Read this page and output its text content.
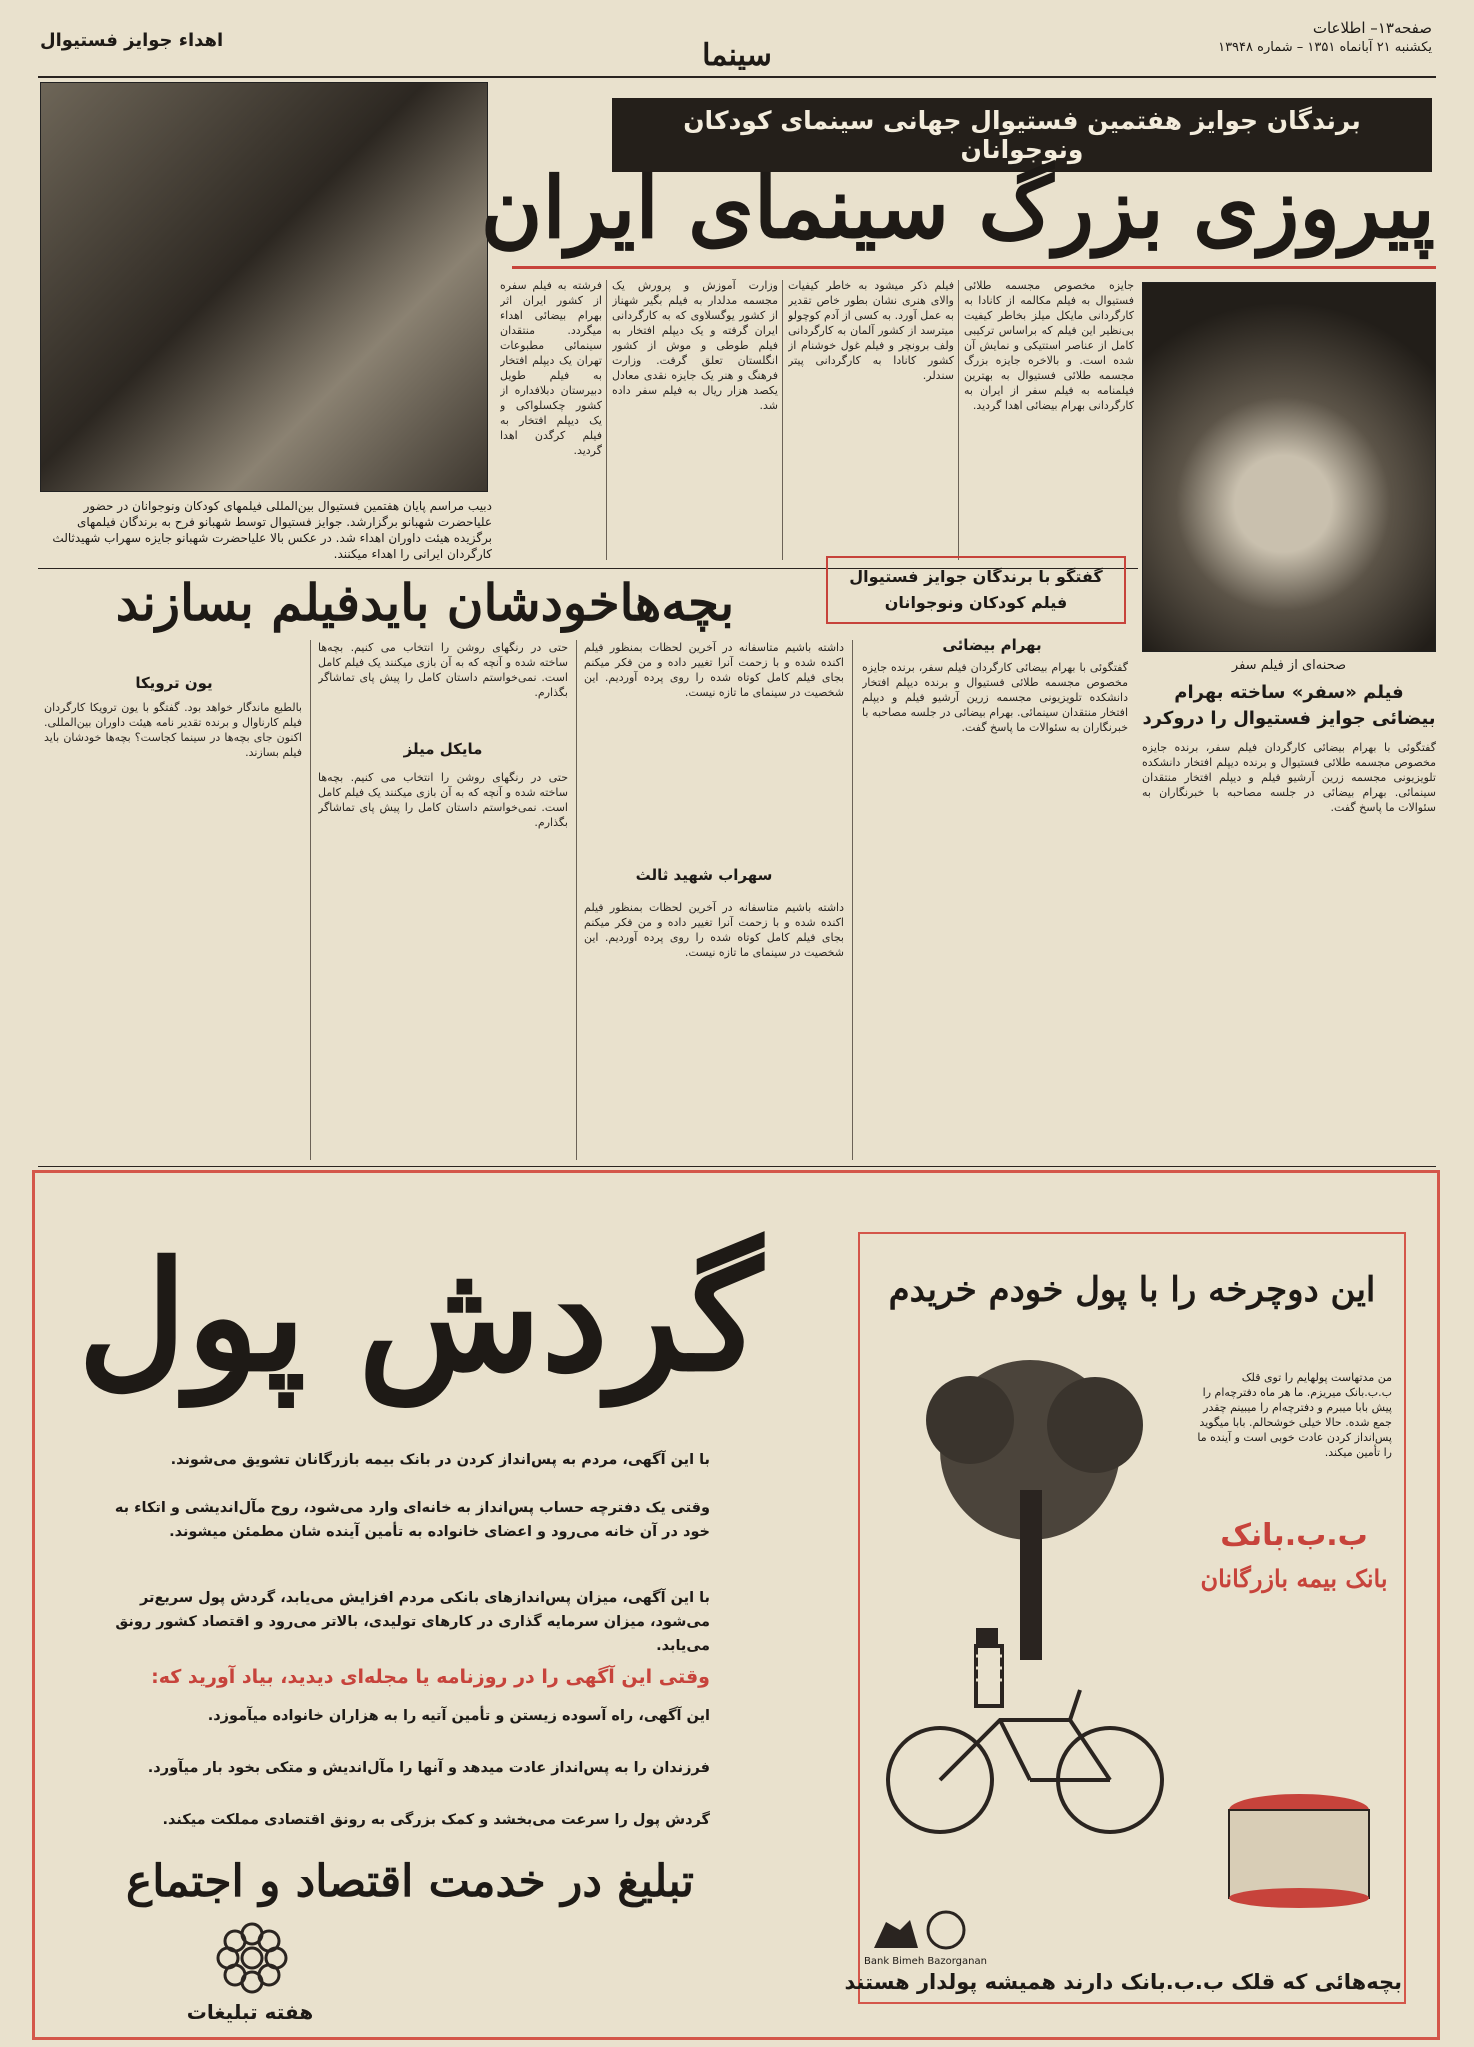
صفحه۱۳– اطلاعات
یکشنبه ۲۱ آبانماه ۱۳۵۱ – شماره ۱۳۹۴۸
سینما
اهداء جوایز فستیوال
دبیب مراسم پایان هفتمین فستیوال بین‌المللی فیلمهای کودکان ونوجوانان در حضور علیاحضرت شهبانو برگزارشد. جوایز فستیوال توسط شهبانو فرح به برندگان فیلمهای برگزیده هیئت داوران اهداء شد. در عکس بالا علیاحضرت شهبانو جایزه سهراب شهیدثالث کارگردان ایرانی را اهداء میکنند.
برندگان جوایز هفتمین فستیوال جهانی سینمای کودکان ونوجوانان
پیروزی بزرگ سینمای ایران
جایزه مخصوص مجسمه طلائی فستیوال به فیلم مکالمه از کانادا به کارگردانی مایکل میلز بخاطر کیفیت بی‌نظیر این فیلم که براساس ترکیبی کامل از عناصر استتیکی و نمایش آن شده است. و بالاخره جایزه بزرگ مجسمه طلائی فستیوال به بهترین فیلمنامه به فیلم سفر از ایران به کارگردانی بهرام بیضائی اهدا گردید.
فیلم ذکر میشود به خاطر کیفیات والای هنری نشان بطور خاص تقدیر به عمل آورد. به کسی از آدم کوچولو میترسد از کشور آلمان به کارگردانی ولف برونچر و فیلم غول خوشنام از کشور کانادا به کارگردانی پیتر سندلر.
وزارت آموزش و پرورش یک مجسمه مدلدار به فیلم بگیر شهناز از کشور یوگسلاوی که به کارگردانی ایران گرفته و یک دیپلم افتخار به فیلم طوطی و موش از کشور انگلستان تعلق گرفت. وزارت فرهنگ و هنر یک جایزه نقدی معادل یکصد هزار ریال به فیلم سفر داده شد.
فرشته به فیلم سفره از کشور ایران اثر بهرام بیضائی اهداء میگردد. منتقدان سینمائی مطبوعات تهران یک دیپلم افتخار به فیلم طویل دبیرستان دبلافداره از کشور چکسلواکی و یک دیپلم افتخار به فیلم کرگدن اهدا گردید.
گفتگو با برندگان جوایز فستیوال
فیلم کودکان ونوجوانان
بچه‌هاخودشان بایدفیلم بسازند
صحنه‌ای از فیلم سفر
فیلم «سفر» ساخته بهرام بیضائی جوایز فستیوال را دروکرد
بهرام بیضائی
سهراب شهید ثالث
مایکل میلز
یون ترویکا
گفتگوئی با بهرام بیضائی کارگردان فیلم سفر، برنده جایزه مخصوص مجسمه طلائی فستیوال و برنده دیپلم افتخار دانشکده تلویزیونی مجسمه زرین آرشیو فیلم و دیپلم افتخار منتقدان سینمائی. بهرام بیضائی در جلسه مصاحبه با خبرنگاران به سئوالات ما پاسخ گفت.
گفتگوئی با بهرام بیضائی کارگردان فیلم سفر، برنده جایزه مخصوص مجسمه طلائی فستیوال و برنده دیپلم افتخار دانشکده تلویزیونی مجسمه زرین آرشیو فیلم و دیپلم افتخار منتقدان سینمائی. بهرام بیضائی در جلسه مصاحبه با خبرنگاران به سئوالات ما پاسخ گفت.
داشته باشیم متاسفانه در آخرین لحظات بمنظور فیلم اکنده شده و با زحمت آنرا تغییر داده و من فکر میکنم بجای فیلم کامل کوتاه شده را روی پرده آوردیم. این شخصیت در سینمای ما تازه نیست.
داشته باشیم متاسفانه در آخرین لحظات بمنظور فیلم اکنده شده و با زحمت آنرا تغییر داده و من فکر میکنم بجای فیلم کامل کوتاه شده را روی پرده آوردیم. این شخصیت در سینمای ما تازه نیست.
حتی در رنگهای روشن را انتخاب می کنیم. بچه‌ها ساخته شده و آنچه که به آن بازی میکنند یک فیلم کامل است. نمی‌خواستم داستان کامل را پیش پای تماشاگر بگذارم.
حتی در رنگهای روشن را انتخاب می کنیم. بچه‌ها ساخته شده و آنچه که به آن بازی میکنند یک فیلم کامل است. نمی‌خواستم داستان کامل را پیش پای تماشاگر بگذارم.
بالطبع ماندگار خواهد بود. گفتگو با یون ترویکا کارگردان فیلم کارناوال و برنده تقدیر نامه هیئت داوران بین‌المللی. اکنون جای بچه‌ها در سینما کجاست؟ بچه‌ها خودشان باید فیلم بسازند.
گردش پول
با این آگهی، مردم به پس‌انداز کردن در بانک بیمه بازرگانان تشویق می‌شوند.
وقتی یک دفترچه حساب پس‌انداز به خانه‌ای وارد می‌شود، روح مآل‌اندیشی و اتکاء به خود در آن خانه می‌رود و اعضای خانواده به تأمین آینده شان مطمئن میشوند.
با این آگهی، میزان پس‌اندازهای بانکی مردم افزایش می‌یابد، گردش پول سریع‌تر می‌شود، میزان سرمایه گذاری در کارهای تولیدی، بالاتر می‌رود و اقتصاد کشور رونق می‌یابد.
وقتی این آگهی را در روزنامه یا مجله‌ای دیدید، بیاد آورید که:
این آگهی، راه آسوده زیستن و تأمین آتیه را به هزاران خانواده میآموزد.
فرزندان را به پس‌انداز عادت میدهد و آنها را مآل‌اندیش و متکی بخود بار میآورد.
گردش پول را سرعت می‌بخشد و کمک بزرگی به رونق اقتصادی مملکت میکند.
تبلیغ در خدمت اقتصاد و اجتماع
هفته تبلیغات
این دوچرخه را با پول خودم خریدم
من مدتهاست پولهایم را توی قلک ب.ب.بانک میریزم. ما هر ماه دفترچه‌ام را پیش بابا میبرم و دفترچه‌ام را میبینم چقدر جمع شده. حالا خیلی خوشحالم. بابا میگوید پس‌انداز کردن عادت خوبی است و آینده ما را تأمین میکند.
ب.ب.بانک
بانک بیمه بازرگانان
Bank Bimeh Bazorganan
بچه‌هائی که قلک ب.ب.بانک دارند همیشه پولدار هستند
